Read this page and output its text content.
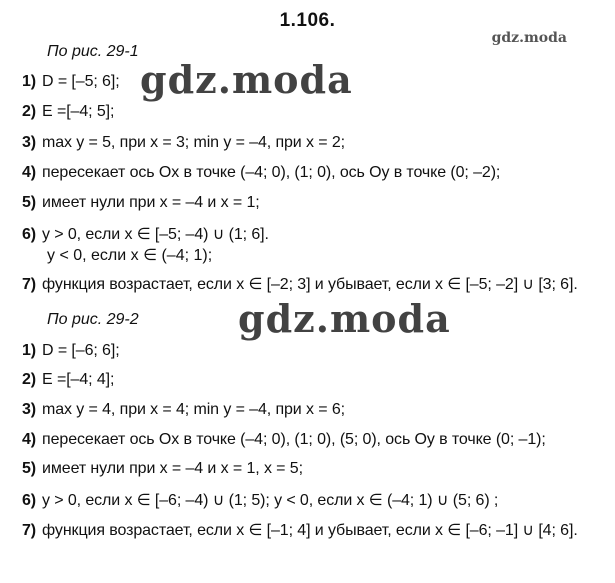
1.106.
gdz.moda
По рис. 29-1
1) D = [–5; 6];
2) E =[–4; 5];
3) max y = 5, при x = 3; min y = –4, при x = 2;
4) пересекает ось Ox в точке (–4; 0), (1; 0), ось Oy в точке (0; –2);
5) имеет нули при x = –4 и x = 1;
6) y > 0, если x ∈ [–5; –4) ∪ (1; 6].
y < 0, если x ∈ (–4; 1);
7) функция возрастает, если x ∈ [–2; 3] и убывает, если x ∈ [–5; –2] ∪ [3; 6].
По рис. 29-2
1) D = [–6; 6];
2) E =[–4; 4];
3) max y = 4, при x = 4; min y = –4, при x = 6;
4) пересекает ось Ox в точке (–4; 0), (1; 0), (5; 0), ось Oy в точке (0; –1);
5) имеет нули при x = –4 и x = 1, x = 5;
6) y > 0, если x ∈ [–6; –4) ∪ (1; 5); y < 0, если x ∈ (–4; 1) ∪ (5; 6) ;
7) функция возрастает, если x ∈ [–1; 4] и убывает, если x ∈ [–6; –1] ∪ [4; 6].
gdz.moda
gdz.moda
